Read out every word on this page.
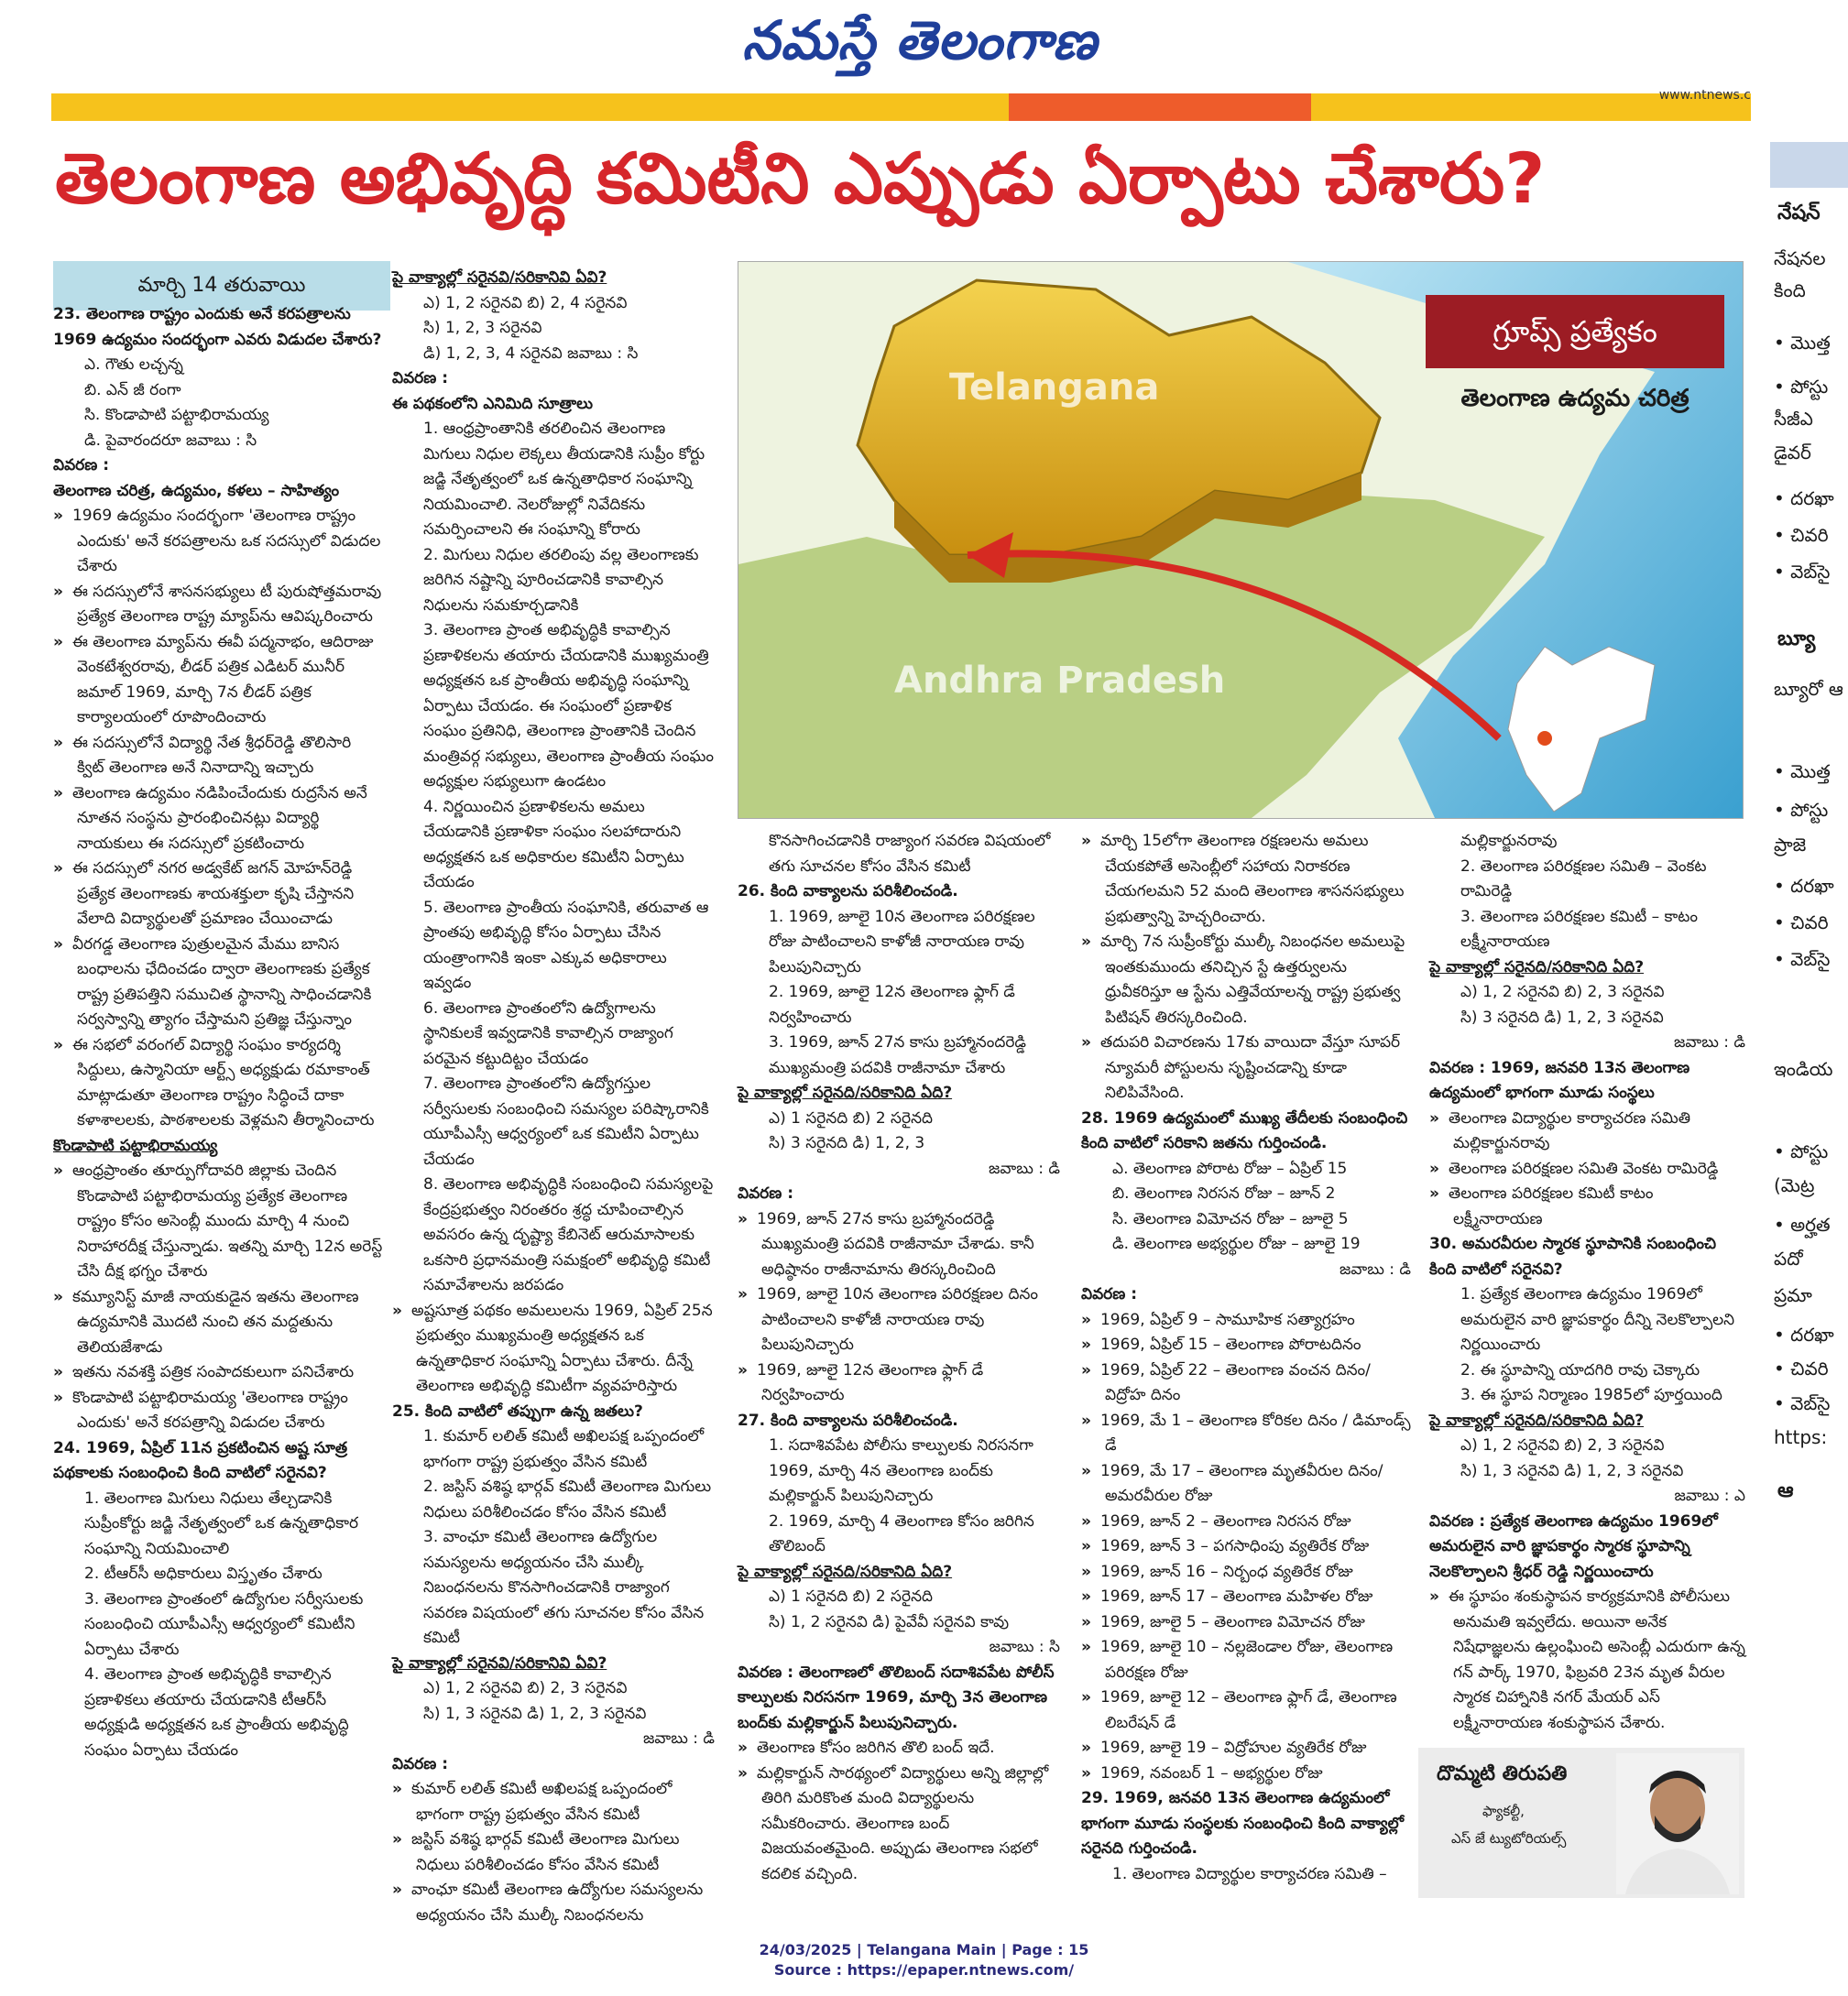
నమస్తే తెలంగాణ
www.ntnews.c
తెలంగాణ అభివృద్ధి కమిటీని ఎప్పుడు ఏర్పాటు చేశారు?
మార్చి 14 తరువాయి

23. తెలంగాణ రాష్ట్రం ఎందుకు అనే కరపత్రాలను 1969 ఉద్యమం సందర్భంగా ఎవరు విడుదల చేశారు?

ఎ. గౌతు లచ్చన్న

బి. ఎన్ జీ రంగా

సి. కొండాపాటి పట్టాభిరామయ్య

డి. పైవారందరూ జవాబు : సి

వివరణ :

తెలంగాణ చరిత్ర, ఉద్యమం, కళలు – సాహిత్యం

» 1969 ఉద్యమం సందర్భంగా 'తెలంగాణ రాష్ట్రం ఎందుకు' అనే కరపత్రాలను ఒక సదస్సులో విడుదల చేశారు

» ఈ సదస్సులోనే శాసనసభ్యులు టీ పురుషోత్తమరావు ప్రత్యేక తెలంగాణ రాష్ట్ర మ్యాప్‌ను ఆవిష్కరించారు

» ఈ తెలంగాణ మ్యాప్‌ను ఈవీ పద్మనాభం, ఆదిరాజు వెంకటేశ్వరరావు, లీడర్ పత్రిక ఎడిటర్ మునీర్ జమాల్ 1969, మార్చి 7న లీడర్ పత్రిక కార్యాలయంలో రూపొందించారు

» ఈ సదస్సులోనే విద్యార్థి నేత శ్రీధర్‌రెడ్డి తొలిసారి క్విట్ తెలంగాణ అనే నినాదాన్ని ఇచ్చారు

» తెలంగాణ ఉద్యమం నడిపించేందుకు రుద్రసేన అనే నూతన సంస్థను ప్రారంభించినట్లు విద్యార్థి నాయకులు ఈ సదస్సులో ప్రకటించారు

» ఈ సదస్సులో నగర అడ్వకేట్ జగన్ మోహన్‌రెడ్డి ప్రత్యేక తెలంగాణకు శాయశక్తులా కృషి చేస్తానని వేలాది విద్యార్థులతో ప్రమాణం చేయించాడు

» వీరగడ్డ తెలంగాణ పుత్రులమైన మేము బానిస బంధాలను ఛేదించడం ద్వారా తెలంగాణకు ప్రత్యేక రాష్ట్ర ప్రతిపత్తిని సముచిత స్థానాన్ని సాధించడానికి సర్వస్వాన్ని త్యాగం చేస్తామని ప్రతిజ్ఞ చేస్తున్నాం

» ఈ సభలో వరంగల్ విద్యార్థి సంఘం కార్యదర్శి సిద్దులు, ఉస్మానియా ఆర్ట్స్ అధ్యక్షుడు రమాకాంత్ మాట్లాడుతూ తెలంగాణ రాష్ట్రం సిద్ధించే దాకా కళాశాలలకు, పాఠశాలలకు వెళ్లమని తీర్మానించారు

కొండాపాటి పట్టాభిరామయ్య

» ఆంధ్రప్రాంతం తూర్పుగోదావరి జిల్లాకు చెందిన కొండాపాటి పట్టాభిరామయ్య ప్రత్యేక తెలంగాణ రాష్ట్రం కోసం అసెంబ్లీ ముందు మార్చి 4 నుంచి నిరాహారదీక్ష చేస్తున్నాడు. ఇతన్ని మార్చి 12న అరెస్ట్ చేసి దీక్ష భగ్నం చేశారు

» కమ్యూనిస్ట్ మాజీ నాయకుడైన ఇతను తెలంగాణ ఉద్యమానికి మొదటి నుంచి తన మద్దతును తెలియజేశాడు

» ఇతను నవశక్తి పత్రిక సంపాదకులుగా పనిచేశారు

» కొండాపాటి పట్టాభిరామయ్య 'తెలంగాణ రాష్ట్రం ఎందుకు' అనే కరపత్రాన్ని విడుదల చేశారు

24. 1969, ఏప్రిల్ 11న ప్రకటించిన అష్ట సూత్ర పథకాలకు సంబంధించి కింది వాటిలో సరైనవి?

1. తెలంగాణ మిగులు నిధులు తేల్చడానికి సుప్రీంకోర్టు జడ్జి నేతృత్వంలో ఒక ఉన్నతాధికార సంఘాన్ని నియమించాలి

2. టీఆర్‌సీ అధికారులు విస్తృతం చేశారు

3. తెలంగాణ ప్రాంతంలో ఉద్యోగుల సర్వీసులకు సంబంధించి యూపీఎస్సీ ఆధ్వర్యంలో కమిటీని ఏర్పాటు చేశారు

4. తెలంగాణ ప్రాంత అభివృద్ధికి కావాల్సిన ప్రణాళికలు తయారు చేయడానికి టీఆర్‌సీ అధ్యక్షుడి అధ్యక్షతన ఒక ప్రాంతీయ అభివృద్ధి సంఘం ఏర్పాటు చేయడం

పై వాక్యాల్లో సరైనవి/సరికానివి ఏవి?

ఎ) 1, 2 సరైనవి బి) 2, 4 సరైనవి

సి) 1, 2, 3 సరైనవి

డి) 1, 2, 3, 4 సరైనవి జవాబు : సి

వివరణ :

ఈ పథకంలోని ఎనిమిది సూత్రాలు

1. ఆంధ్రప్రాంతానికి తరలించిన తెలంగాణ మిగులు నిధుల లెక్కలు తీయడానికి సుప్రీం కోర్టు జడ్జి నేతృత్వంలో ఒక ఉన్నతాధికార సంఘాన్ని నియమించాలి. నెలరోజుల్లో నివేదికను సమర్పించాలని ఈ సంఘాన్ని కోరారు

2. మిగులు నిధుల తరలింపు వల్ల తెలంగాణకు జరిగిన నష్టాన్ని పూరించడానికి కావాల్సిన నిధులను సమకూర్చడానికి

3. తెలంగాణ ప్రాంత అభివృద్ధికి కావాల్సిన ప్రణాళికలను తయారు చేయడానికి ముఖ్యమంత్రి అధ్యక్షతన ఒక ప్రాంతీయ అభివృద్ధి సంఘాన్ని ఏర్పాటు చేయడం. ఈ సంఘంలో ప్రణాళిక సంఘం ప్రతినిధి, తెలంగాణ ప్రాంతానికి చెందిన మంత్రివర్గ సభ్యులు, తెలంగాణ ప్రాంతీయ సంఘం అధ్యక్షుల సభ్యులుగా ఉండటం

4. నిర్ణయించిన ప్రణాళికలను అమలు చేయడానికి ప్రణాళికా సంఘం సలహాదారుని అధ్యక్షతన ఒక అధికారుల కమిటీని ఏర్పాటు చేయడం

5. తెలంగాణ ప్రాంతీయ సంఘానికి, తరువాత ఆ ప్రాంతపు అభివృద్ధి కోసం ఏర్పాటు చేసిన యంత్రాంగానికి ఇంకా ఎక్కువ అధికారాలు ఇవ్వడం

6. తెలంగాణ ప్రాంతంలోని ఉద్యోగాలను స్థానికులకే ఇవ్వడానికి కావాల్సిన రాజ్యాంగ పరమైన కట్టుదిట్టం చేయడం

7. తెలంగాణ ప్రాంతంలోని ఉద్యోగస్తుల సర్వీసులకు సంబంధించి సమస్యల పరిష్కారానికి యూపీఎస్సీ ఆధ్వర్యంలో ఒక కమిటీని ఏర్పాటు చేయడం

8. తెలంగాణ అభివృద్ధికి సంబంధించి సమస్యలపై కేంద్రప్రభుత్వం నిరంతరం శ్రద్ధ చూపించాల్సిన అవసరం ఉన్న దృష్ట్యా కేబినెట్ ఆరుమాసాలకు ఒకసారి ప్రధానమంత్రి సమక్షంలో అభివృద్ధి కమిటీ సమావేశాలను జరపడం

» అష్టసూత్ర పథకం అమలులను 1969, ఏప్రిల్ 25న ప్రభుత్వం ముఖ్యమంత్రి అధ్యక్షతన ఒక ఉన్నతాధికార సంఘాన్ని ఏర్పాటు చేశారు. దీన్నే తెలంగాణ అభివృద్ధి కమిటీగా వ్యవహరిస్తారు

25. కింది వాటిలో తప్పుగా ఉన్న జతలు?

1. కుమార్ లలిత్ కమిటీ అఖిలపక్ష ఒప్పందంలో భాగంగా రాష్ట్ర ప్రభుత్వం వేసిన కమిటీ

2. జస్టిస్ వశిష్ఠ భార్గవ్ కమిటీ తెలంగాణ మిగులు నిధులు పరిశీలించడం కోసం వేసిన కమిటీ

3. వాంఛూ కమిటీ తెలంగాణ ఉద్యోగుల సమస్యలను అధ్యయనం చేసి ముల్కీ నిబంధనలను కొనసాగించడానికి రాజ్యాంగ సవరణ విషయంలో తగు సూచనల కోసం వేసిన కమిటీ

పై వాక్యాల్లో సరైనవి/సరికానివి ఏవి?

ఎ) 1, 2 సరైనవి బి) 2, 3 సరైనవి

సి) 1, 3 సరైనవి డి) 1, 2, 3 సరైనవి

జవాబు : డి

వివరణ :

» కుమార్ లలిత్ కమిటీ అఖిలపక్ష ఒప్పందంలో భాగంగా రాష్ట్ర ప్రభుత్వం వేసిన కమిటీ

» జస్టిస్ వశిష్ఠ భార్గవ్ కమిటీ తెలంగాణ మిగులు నిధులు పరిశీలించడం కోసం వేసిన కమిటీ

» వాంఛూ కమిటీ తెలంగాణ ఉద్యోగుల సమస్యలను అధ్యయనం చేసి ముల్కీ నిబంధనలను

Telangana
Andhra Pradesh
గ్రూప్స్ ప్రత్యేకం
తెలంగాణ ఉద్యమ చరిత్ర

కొనసాగించడానికి రాజ్యాంగ సవరణ విషయంలో తగు సూచనల కోసం వేసిన కమిటీ

26. కింది వాక్యాలను పరిశీలించండి.

1. 1969, జూలై 10న తెలంగాణ పరిరక్షణల రోజు పాటించాలని కాళోజీ నారాయణ రావు పిలుపునిచ్చారు

2. 1969, జూలై 12న తెలంగాణ ఫ్లాగ్ డే నిర్వహించారు

3. 1969, జూన్ 27న కాసు బ్రహ్మానందరెడ్డి ముఖ్యమంత్రి పదవికి రాజీనామా చేశారు

పై వాక్యాల్లో సరైనది/సరికానిది ఏది?

ఎ) 1 సరైనది బి) 2 సరైనది

సి) 3 సరైనది డి) 1, 2, 3

జవాబు : డి

వివరణ :

» 1969, జూన్ 27న కాసు బ్రహ్మానందరెడ్డి ముఖ్యమంత్రి పదవికి రాజీనామా చేశాడు. కానీ అధిష్ఠానం రాజీనామాను తిరస్కరించింది

» 1969, జూలై 10న తెలంగాణ పరిరక్షణల దినం పాటించాలని కాళోజీ నారాయణ రావు పిలుపునిచ్చారు

» 1969, జూలై 12న తెలంగాణ ఫ్లాగ్ డే నిర్వహించారు

27. కింది వాక్యాలను పరిశీలించండి.

1. సదాశివపేట పోలీసు కాల్పులకు నిరసనగా 1969, మార్చి 4న తెలంగాణ బంద్‌కు మల్లికార్జున్ పిలుపునిచ్చారు

2. 1969, మార్చి 4 తెలంగాణ కోసం జరిగిన తొలిబంద్

పై వాక్యాల్లో సరైనది/సరికానిది ఏది?

ఎ) 1 సరైనది బి) 2 సరైనది

సి) 1, 2 సరైనవి డి) పైవేవీ సరైనవి కావు

జవాబు : సి

వివరణ : తెలంగాణలో తొలిబంద్ సదాశివపేట పోలీస్ కాల్పులకు నిరసనగా 1969, మార్చి 3న తెలంగాణ బంద్‌కు మల్లికార్జున్ పిలుపునిచ్చారు.

» తెలంగాణ కోసం జరిగిన తొలి బంద్ ఇదే.

» మల్లికార్జున్ సారథ్యంలో విద్యార్థులు అన్ని జిల్లాల్లో తిరిగి మరికొంత మంది విద్యార్థులను సమీకరించారు. తెలంగాణ బంద్ విజయవంతమైంది. అప్పుడు తెలంగాణ సభలో కదలిక వచ్చింది.

» మార్చి 15లోగా తెలంగాణ రక్షణలను అమలు చేయకపోతే అసెంబ్లీలో సహాయ నిరాకరణ చేయగలమని 52 మంది తెలంగాణ శాసనసభ్యులు ప్రభుత్వాన్ని హెచ్చరించారు.

» మార్చి 7న సుప్రీంకోర్టు ముల్కీ నిబంధనల అమలుపై ఇంతకుముందు తనిచ్చిన స్టే ఉత్తర్వులను ధ్రువీకరిస్తూ ఆ స్టేను ఎత్తివేయాలన్న రాష్ట్ర ప్రభుత్వ పిటిషన్ తిరస్కరించింది.

» తదుపరి విచారణను 17కు వాయిదా వేస్తూ సూపర్ న్యూమరీ పోస్టులను సృష్టించడాన్ని కూడా నిలిపివేసింది.

28. 1969 ఉద్యమంలో ముఖ్య తేదీలకు సంబంధించి కింది వాటిలో సరికాని జతను గుర్తించండి.

ఎ. తెలంగాణ పోరాట రోజు – ఏప్రిల్ 15

బి. తెలంగాణ నిరసన రోజు – జూన్ 2

సి. తెలంగాణ విమోచన రోజు – జూలై 5

డి. తెలంగాణ అభ్యర్థుల రోజు – జూలై 19

జవాబు : డి

వివరణ :

» 1969, ఏప్రిల్ 9 – సామూహిక సత్యాగ్రహం

» 1969, ఏప్రిల్ 15 – తెలంగాణ పోరాటదినం

» 1969, ఏప్రిల్ 22 – తెలంగాణ వంచన దినం/ విద్రోహ దినం

» 1969, మే 1 – తెలంగాణ కోరికల దినం / డిమాండ్స్ డే

» 1969, మే 17 – తెలంగాణ మృతవీరుల దినం/ అమరవీరుల రోజు

» 1969, జూన్ 2 – తెలంగాణ నిరసన రోజు

» 1969, జూన్ 3 – పగసాధింపు వ్యతిరేక రోజు

» 1969, జూన్ 16 – నిర్బంధ వ్యతిరేక రోజు

» 1969, జూన్ 17 – తెలంగాణ మహిళల రోజు

» 1969, జూలై 5 – తెలంగాణ విమోచన రోజు

» 1969, జూలై 10 – నల్లజెండాల రోజు, తెలంగాణ పరిరక్షణ రోజు

» 1969, జూలై 12 – తెలంగాణ ఫ్లాగ్ డే, తెలంగాణ లిబరేషన్ డే

» 1969, జూలై 19 – విద్రోహుల వ్యతిరేక రోజు

» 1969, నవంబర్ 1 – అభ్యర్థుల రోజు

29. 1969, జనవరి 13న తెలంగాణ ఉద్యమంలో భాగంగా మూడు సంస్థలకు సంబంధించి కింది వాక్యాల్లో సరైనది గుర్తించండి.

1. తెలంగాణ విద్యార్థుల కార్యాచరణ సమితి –

మల్లికార్జునరావు

2. తెలంగాణ పరిరక్షణల సమితి – వెంకట రామిరెడ్డి

3. తెలంగాణ పరిరక్షణల కమిటీ – కాటం లక్ష్మీనారాయణ

పై వాక్యాల్లో సరైనది/సరికానిది ఏది?

ఎ) 1, 2 సరైనవి బి) 2, 3 సరైనవి

సి) 3 సరైనది డి) 1, 2, 3 సరైనవి

జవాబు : డి

వివరణ : 1969, జనవరి 13న తెలంగాణ ఉద్యమంలో భాగంగా మూడు సంస్థలు

» తెలంగాణ విద్యార్థుల కార్యాచరణ సమితి మల్లికార్జునరావు

» తెలంగాణ పరిరక్షణల సమితి వెంకట రామిరెడ్డి

» తెలంగాణ పరిరక్షణల కమిటీ కాటం లక్ష్మీనారాయణ

30. అమరవీరుల స్మారక స్థూపానికి సంబంధించి కింది వాటిలో సరైనవి?

1. ప్రత్యేక తెలంగాణ ఉద్యమం 1969లో అమరులైన వారి జ్ఞాపకార్థం దీన్ని నెలకొల్పాలని నిర్ణయించారు

2. ఈ స్థూపాన్ని యాదగిరి రావు చెక్కారు

3. ఈ స్థూప నిర్మాణం 1985లో పూర్తయింది

పై వాక్యాల్లో సరైనది/సరికానిది ఏది?

ఎ) 1, 2 సరైనవి బి) 2, 3 సరైనవి

సి) 1, 3 సరైనవి డి) 1, 2, 3 సరైనవి

జవాబు : ఎ

వివరణ : ప్రత్యేక తెలంగాణ ఉద్యమం 1969లో అమరులైన వారి జ్ఞాపకార్థం స్మారక స్థూపాన్ని నెలకొల్పాలని శ్రీధర్ రెడ్డి నిర్ణయించారు

» ఈ స్థూపం శంకుస్థాపన కార్యక్రమానికి పోలీసులు అనుమతి ఇవ్వలేదు. అయినా అనేక నిషేధాజ్ఞలను ఉల్లంఘించి అసెంబ్లీ ఎదురుగా ఉన్న గన్ పార్క్ 1970, ఫిబ్రవరి 23న మృత వీరుల స్మారక చిహ్నానికి నగర్ మేయర్ ఎస్ లక్ష్మీనారాయణ శంకుస్థాపన చేశారు.

దొమ్మటి తిరుపతి
ఫ్యాకల్టీ,
ఎస్ జే ట్యుటోరియల్స్
నేషన్
నేషనల
కింది
• మొత్త
• పోస్టు
సీజీఎ
డైవర్
• దరఖా
• చివరి
• వెబ్‌సై
బ్యూ
బ్యూరో ఆ
• మొత్త
• పోస్టు
ప్రాజె
• దరఖా
• చివరి
• వెబ్‌సై
ఇండియ
• పోస్టు
(మెట్ర
• అర్హత
పదో
ప్రమా
• దరఖా
• చివరి
• వెబ్‌సై
https:
ఆ
24/03/2025 | Telangana Main | Page : 15
Source : https://epaper.ntnews.com/
